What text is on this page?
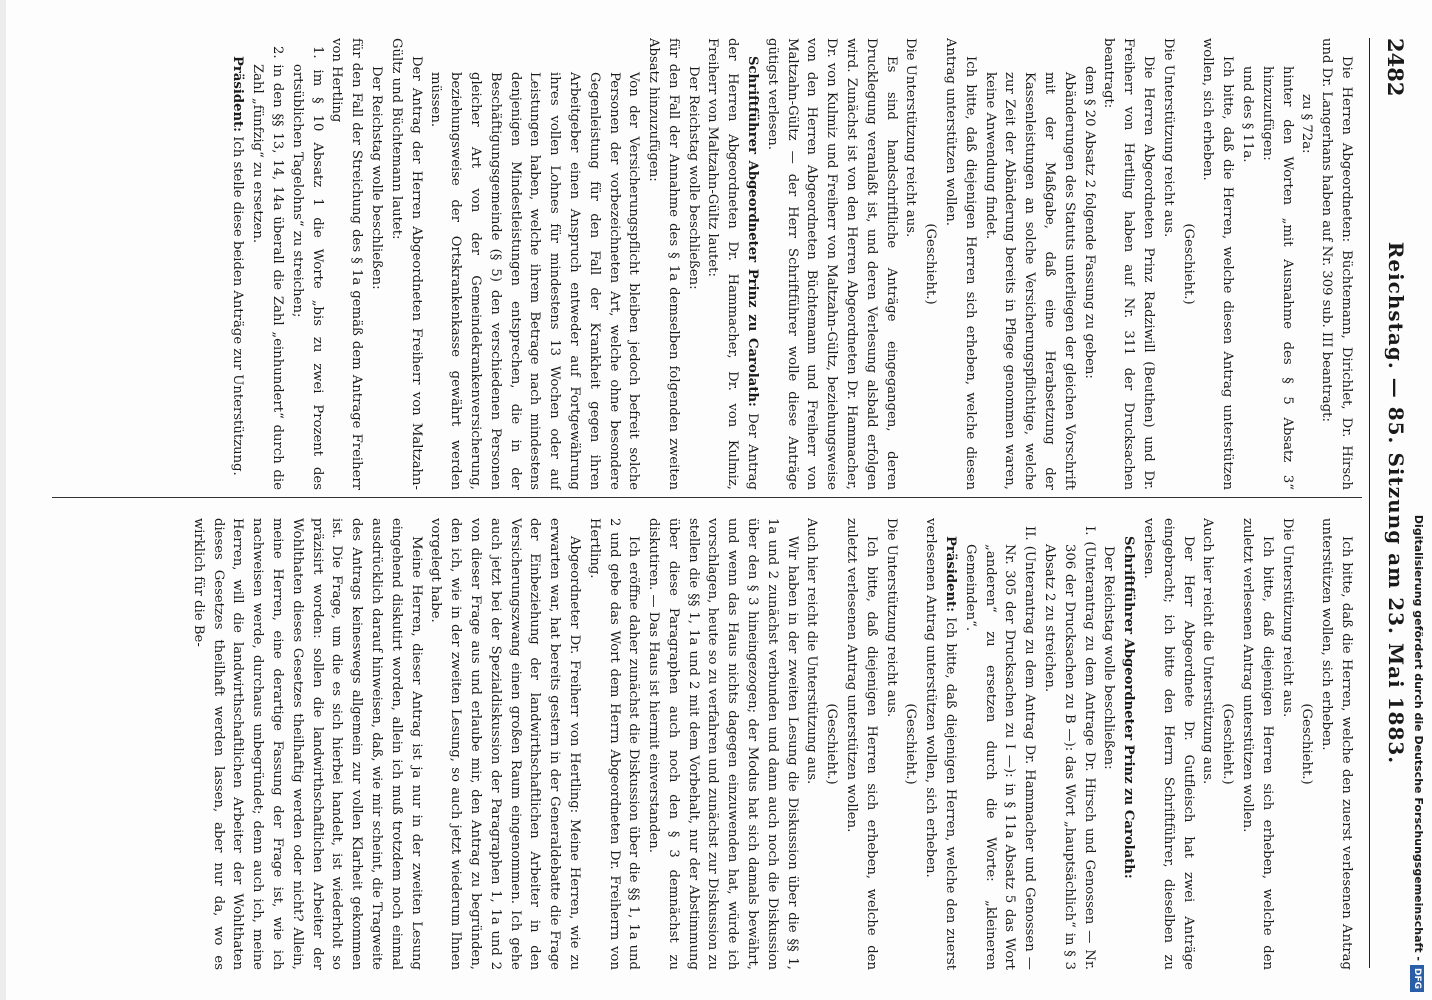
2482
Reichstag. — 85. Sitzung am 23. Mai 1883.

Die Herren Abgeordneten: Büchtemann, Dirichlet, Dr. Hirsch und Dr. Langerhans haben auf Nr. 309 sub. III beantragt:

zu § 72a:

hinter den Worten „mit Ausnahme des § 5 Absatz 3“ hinzuzufügen:

und des § 11a.

Ich bitte, daß die Herren, welche diesen Antrag unterstützen wollen, sich erheben.

(Geschieht.)

Die Unterstützung reicht aus.

Die Herren Abgeordneten Prinz Radziwill (Beuthen) und Dr. Freiherr von Hertling haben auf Nr. 311 der Drucksachen beantragt:

dem § 20 Absatz 2 folgende Fassung zu geben:

Abänderungen des Statuts unterliegen der gleichen Vorschrift mit der Maßgabe, daß eine Herabsetzung der Kassenleistungen an solche Versicherungspflichtige, welche zur Zeit der Abänderung bereits in Pflege genommen waren, keine Anwendung findet.

Ich bitte, daß diejenigen Herren sich erheben, welche diesen Antrag unterstützen wollen.

(Geschieht.)

Die Unterstützung reicht aus.

Es sind handschriftliche Anträge eingegangen, deren Drucklegung veranlaßt ist, und deren Verlesung alsbald erfolgen wird. Zunächst ist von den Herren Abgeordneten Dr. Hammacher, Dr. von Kulmiz und Freiherr von Maltzahn-Gültz, beziehungsweise von den Herren Abgeordneten Büchtemann und Freiherr von Maltzahn-Gültz — der Herr Schriftführer wolle diese Anträge gütigst verlesen.

Schriftführer Abgeordneter Prinz zu Carolath: Der Antrag der Herren Abgeordneten Dr. Hammacher, Dr. von Kulmiz, Freiherr von Maltzahn-Gültz lautet:

Der Reichstag wolle beschließen:

für den Fall der Annahme des § 1a demselben folgenden zweiten Absatz hinzuzufügen:

Von der Versicherungspflicht bleiben jedoch befreit solche Personen der vorbezeichneten Art, welche ohne besondere Gegenleistung für den Fall der Krankheit gegen ihren Arbeitgeber einen Anspruch entweder auf Fortgewährung ihres vollen Lohnes für mindestens 13 Wochen oder auf Leistungen haben, welche ihrem Betrage nach mindestens denjenigen Mindestleistungen entsprechen, die in der Beschäftigungsgemeinde (§ 5) den verschiedenen Personen gleicher Art von der Gemeindekrankenversicherung, beziehungsweise der Ortskrankenkasse gewährt werden müssen.

Der Antrag der Herren Abgeordneten Freiherr von Maltzahn-Gültz und Büchtemann lautet:

Der Reichstag wolle beschließen:

für den Fall der Streichung des § 1a gemäß dem Antrage Freiherr von Hertling

1. im § 10 Absatz 1 die Worte „bis zu zwei Prozent des ortsüblichen Tagelohns“ zu streichen;

2. in den §§ 13, 14, 14a überall die Zahl „einhundert“ durch die Zahl „fünfzig“ zu ersetzen.

Präsident: Ich stelle diese beiden Anträge zur Unterstützung.

Ich bitte, daß die Herren, welche den zuerst verlesenen Antrag unterstützen wollen, sich erheben.

(Geschieht.)

Die Unterstützung reicht aus.

Ich bitte, daß diejenigen Herren sich erheben, welche den zuletzt verlesenen Antrag unterstützen wollen.

(Geschieht.)

Auch hier reicht die Unterstützung aus.

Der Herr Abgeordnete Dr. Gutfleisch hat zwei Anträge eingebracht; ich bitte den Herrn Schriftführer, dieselben zu verlesen.

Schriftführer Abgeordneter Prinz zu Carolath:

Der Reichstag wolle beschließen:

I. (Unterantrag zu dem Antrage Dr. Hirsch und Genossen — Nr. 306 der Drucksachen zu B —): das Wort „hauptsächlich“ in § 3 Absatz 2 zu streichen.

II. (Unterantrag zu dem Antrag Dr. Hammacher und Genossen — Nr. 305 der Drucksachen zu I —): in § 11a Absatz 5 das Wort „anderen“ zu ersetzen durch die Worte: „kleineren Gemeinden“.

Präsident: Ich bitte, daß diejenigen Herren, welche den zuerst verlesenen Antrag unterstützen wollen, sich erheben.

(Geschieht.)

Die Unterstützung reicht aus.

Ich bitte, daß diejenigen Herren sich erheben, welche den zuletzt verlesenen Antrag unterstützen wollen.

(Geschieht.)

Auch hier reicht die Unterstützung aus.

Wir haben in der zweiten Lesung die Diskussion über die §§ 1, 1a und 2 zunächst verbunden und dann auch noch die Diskussion über den § 3 hineingezogen; der Modus hat sich damals bewährt, und wenn das Haus nichts dagegen einzuwenden hat, würde ich vorschlagen, heute so zu verfahren und zunächst zur Diskussion zu stellen die §§ 1, 1a und 2 mit dem Vorbehalt, nur der Abstimmung über diese Paragraphen auch noch den § 3 demnächst zu diskutiren. — Das Haus ist hiermit einverstanden.

Ich eröffne daher zunächst die Diskussion über die §§ 1, 1a und 2 und gebe das Wort dem Herrn Abgeordneten Dr. Freiherrn von Hertling.

Abgeordneter Dr. Freiherr von Hertling: Meine Herren, wie zu erwarten war, hat bereits gestern in der Generaldebatte die Frage der Einbeziehung der landwirthschaftlichen Arbeiter in den Versicherungszwang einen großen Raum eingenommen. Ich gehe auch jetzt bei der Spezialdiskussion der Paragraphen 1, 1a und 2 von dieser Frage aus und erlaube mir, den Antrag zu begründen, den ich, wie in der zweiten Lesung, so auch jetzt wiederum Ihnen vorgelegt habe.

Meine Herren, dieser Antrag ist ja nur in der zweiten Lesung eingehend diskutirt worden, allein ich muß trotzdem noch einmal ausdrücklich darauf hinweisen, daß, wie mir scheint, die Tragweite des Antrags keineswegs allgemein zur vollen Klarheit gekommen ist. Die Frage, um die es sich hierbei handelt, ist wiederholt so präzisirt worden: sollen die landwirthschaftlichen Arbeiter der Wohlthaten dieses Gesetzes theilhaftig werden oder nicht? Allein, meine Herren, eine derartige Fassung der Frage ist, wie ich nachweisen werde, durchaus unbegründet; denn auch ich, meine Herren, will die landwirthschaftlichen Arbeiter der Wohlthaten dieses Gesetzes theilhaft werden lassen, aber nur da, wo es wirklich für die Be-	Digitalisierung gefördert durch die Deutsche Forschungsgemeinschaft -DFG
